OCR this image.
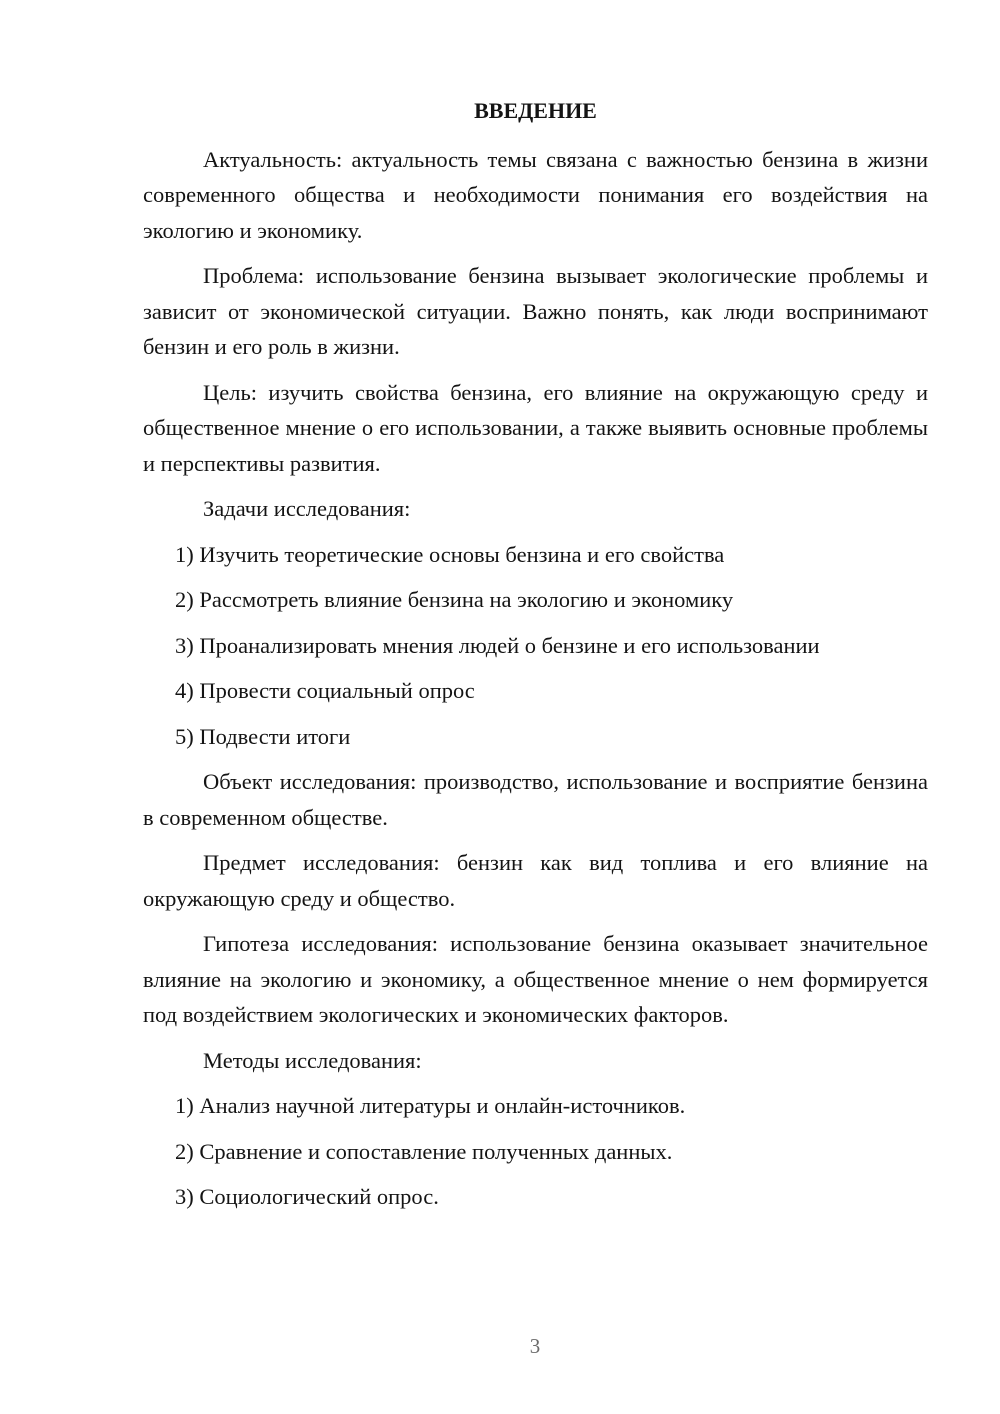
ВВЕДЕНИЕ

Актуальность: актуальность темы связана с важностью бензина в жизни современного общества и необходимости понимания его воздействия на экологию и экономику.

Проблема: использование бензина вызывает экологические проблемы и зависит от экономической ситуации. Важно понять, как люди воспринимают бензин и его роль в жизни.

Цель: изучить свойства бензина, его влияние на окружающую среду и общественное мнение о его использовании, а также выявить основные проблемы и перспективы развития.

Задачи исследования:

1) Изучить теоретические основы бензина и его свойства

2) Рассмотреть влияние бензина на экологию и экономику

3) Проанализировать мнения людей о бензине и его использовании

4) Провести социальный опрос

5) Подвести итоги

Объект исследования: производство, использование и восприятие бензина в современном обществе.

Предмет исследования: бензин как вид топлива и его влияние на окружающую среду и общество.

Гипотеза исследования: использование бензина оказывает значительное влияние на экологию и экономику, а общественное мнение о нем формируется под воздействием экологических и экономических факторов.

Методы исследования:

1) Анализ научной литературы и онлайн-источников.

2) Сравнение и сопоставление полученных данных.

3) Социологический опрос.

3
